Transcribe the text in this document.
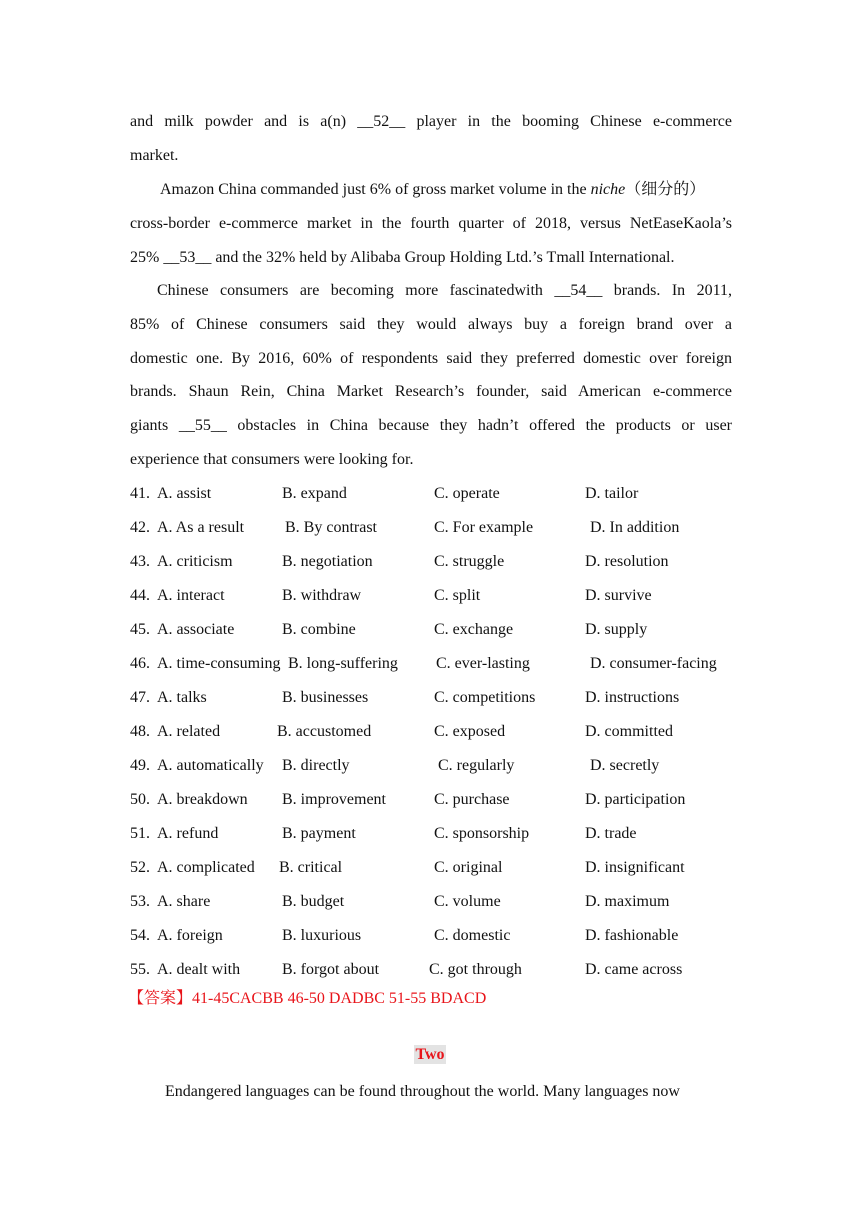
and milk powder and is a(n) __52__ player in the booming Chinese e-commerce
market.
Amazon China commanded just 6% of gross market volume in the niche（细分的）
cross-border e-commerce market in the fourth quarter of 2018, versus NetEaseKaola’s
25% __53__ and the 32% held by Alibaba Group Holding Ltd.’s Tmall International.
Chinese consumers are becoming more fascinatedwith __54__ brands. In 2011,
85% of Chinese consumers said they would always buy a foreign brand over a
domestic one. By 2016, 60% of respondents said they preferred domestic over foreign
brands. Shaun Rein, China Market Research’s founder, said American e-commerce
giants __55__ obstacles in China because they hadn’t offered the products or user
experience that consumers were looking for.
41. A. assist	B. expand	C. operate	D. tailor
42. A. As a result	B. By contrast	C. For example	D. In addition
43. A. criticism	B. negotiation	C. struggle	D. resolution
44. A. interact	B. withdraw	C. split	D. survive
45. A. associate	B. combine	C. exchange	D. supply
46. A. time-consuming B. long-suffering C. ever-lasting	D. consumer-facing
47. A. talks	B. businesses	C. competitions	D. instructions
48. A. related	B. accustomed	C. exposed	D. committed
49. A. automatically B. directly	C. regularly	D. secretly
50. A. breakdown B. improvement	C. purchase	D. participation
51. A. refund	B. payment	C. sponsorship	D. trade
52. A. complicated B. critical	C. original	D. insignificant
53. A. share	B. budget	C. volume	D. maximum
54. A. foreign	B. luxurious	C. domestic	D. fashionable
55. A. dealt with	B. forgot about	C. got through	D. came across
【答案】41-45CACBB 46-50 DADBC 51-55 BDACD
Two
Endangered languages can be found throughout the world. Many languages now
